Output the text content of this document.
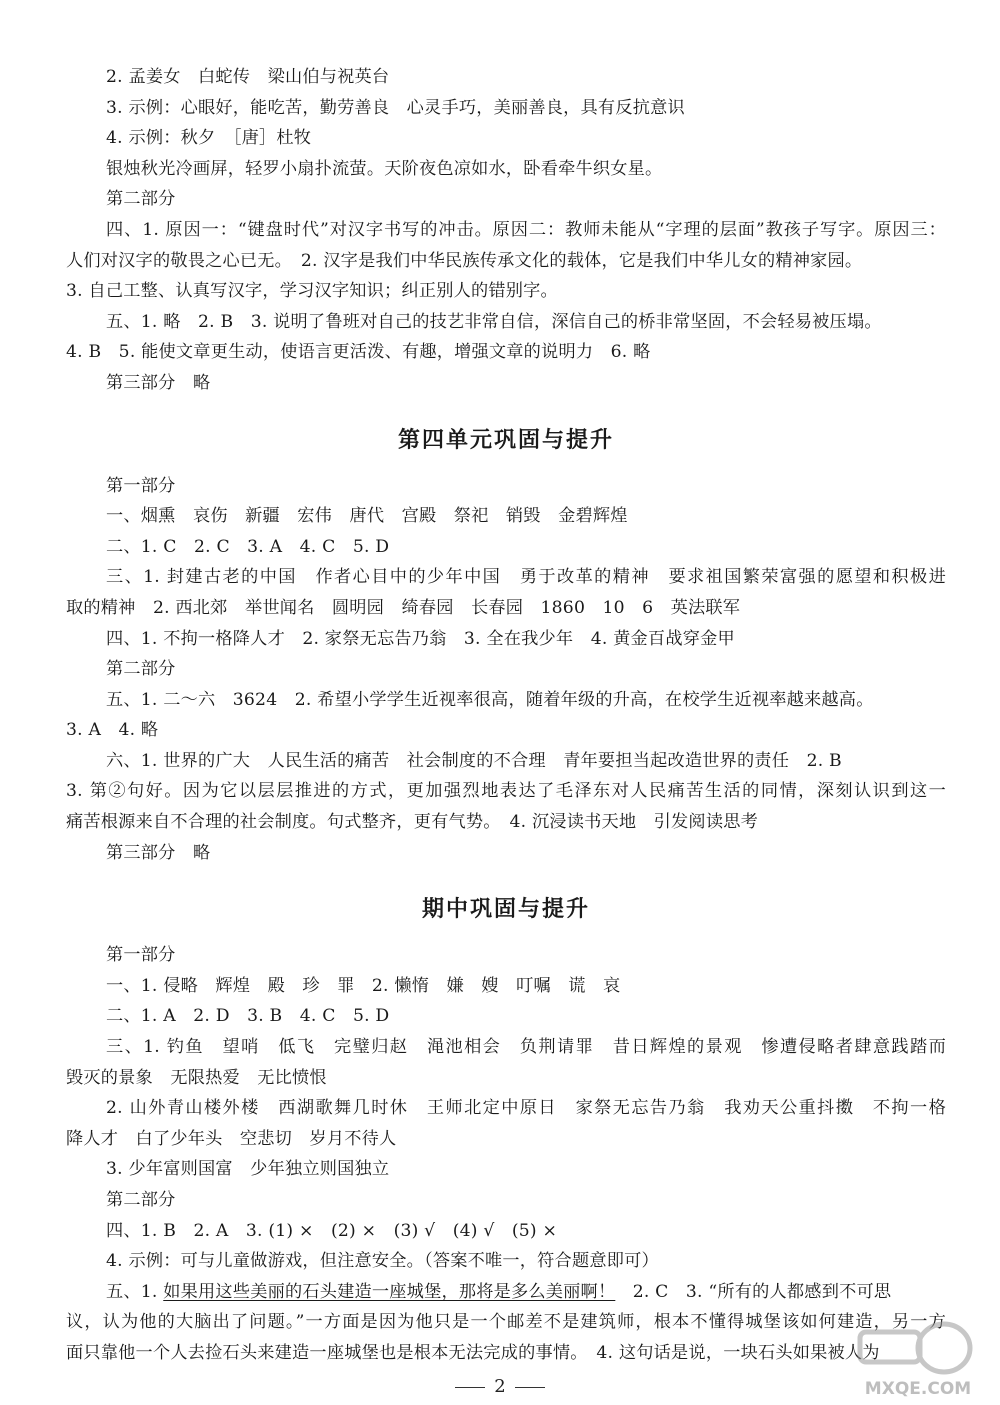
2. 孟姜女　白蛇传　梁山伯与祝英台
3. 示例：心眼好，能吃苦，勤劳善良　心灵手巧，美丽善良，具有反抗意识
4. 示例：秋夕　［唐］杜牧
银烛秋光冷画屏，轻罗小扇扑流萤。天阶夜色凉如水，卧看牵牛织女星。
第二部分
四、1. 原因一：“键盘时代”对汉字书写的冲击。原因二：教师未能从“字理的层面”教孩子写字。原因三：
人们对汉字的敬畏之心已无。　2. 汉字是我们中华民族传承文化的载体，它是我们中华儿女的精神家园。
3. 自己工整、认真写汉字，学习汉字知识；纠正别人的错别字。
五、1. 略　2. B　3. 说明了鲁班对自己的技艺非常自信，深信自己的桥非常坚固，不会轻易被压塌。
4. B　5. 能使文章更生动，使语言更活泼、有趣，增强文章的说明力　6. 略
第三部分　略
第四单元巩固与提升
第一部分
一、烟熏　哀伤　新疆　宏伟　唐代　宫殿　祭祀　销毁　金碧辉煌
二、1. C　2. C　3. A　4. C　5. D
三、1. 封建古老的中国　作者心目中的少年中国　勇于改革的精神　要求祖国繁荣富强的愿望和积极进
取的精神　2. 西北郊　举世闻名　圆明园　绮春园　长春园　1860　10　6　英法联军
四、1. 不拘一格降人才　2. 家祭无忘告乃翁　3. 全在我少年　4. 黄金百战穿金甲
第二部分
五、1. 二～六　3624　2. 希望小学学生近视率很高，随着年级的升高，在校学生近视率越来越高。
3. A　4. 略
六、1. 世界的广大　人民生活的痛苦　社会制度的不合理　青年要担当起改造世界的责任　2. B
3. 第②句好。因为它以层层推进的方式，更加强烈地表达了毛泽东对人民痛苦生活的同情，深刻认识到这一
痛苦根源来自不合理的社会制度。句式整齐，更有气势。　4. 沉浸读书天地　引发阅读思考
第三部分　略
期中巩固与提升
第一部分
一、1. 侵略　辉煌　殿　珍　罪　2. 懒惰　嫌　嫂　叮嘱　谎　哀
二、1. A　2. D　3. B　4. C　5. D
三、1. 钓鱼　望哨　低飞　完璧归赵　渑池相会　负荆请罪　昔日辉煌的景观　惨遭侵略者肆意践踏而
毁灭的景象　无限热爱　无比愤恨
2. 山外青山楼外楼　西湖歌舞几时休　王师北定中原日　家祭无忘告乃翁　我劝天公重抖擞　不拘一格
降人才　白了少年头　空悲切　岁月不待人
3. 少年富则国富　少年独立则国独立
第二部分
四、1. B　2. A　3. (1) ×　(2) ×　(3) √　(4) √　(5) ×
4. 示例：可与儿童做游戏，但注意安全。（答案不唯一，符合题意即可）
五、1. 如果用这些美丽的石头建造一座城堡，那将是多么美丽啊！　2. C　3. “所有的人都感到不可思
议，认为他的大脑出了问题。”一方面是因为他只是一个邮差不是建筑师，根本不懂得城堡该如何建造，另一方
面只靠他一个人去捡石头来建造一座城堡也是根本无法完成的事情。　4. 这句话是说，一块石头如果被人为
2	MXQE.COM
